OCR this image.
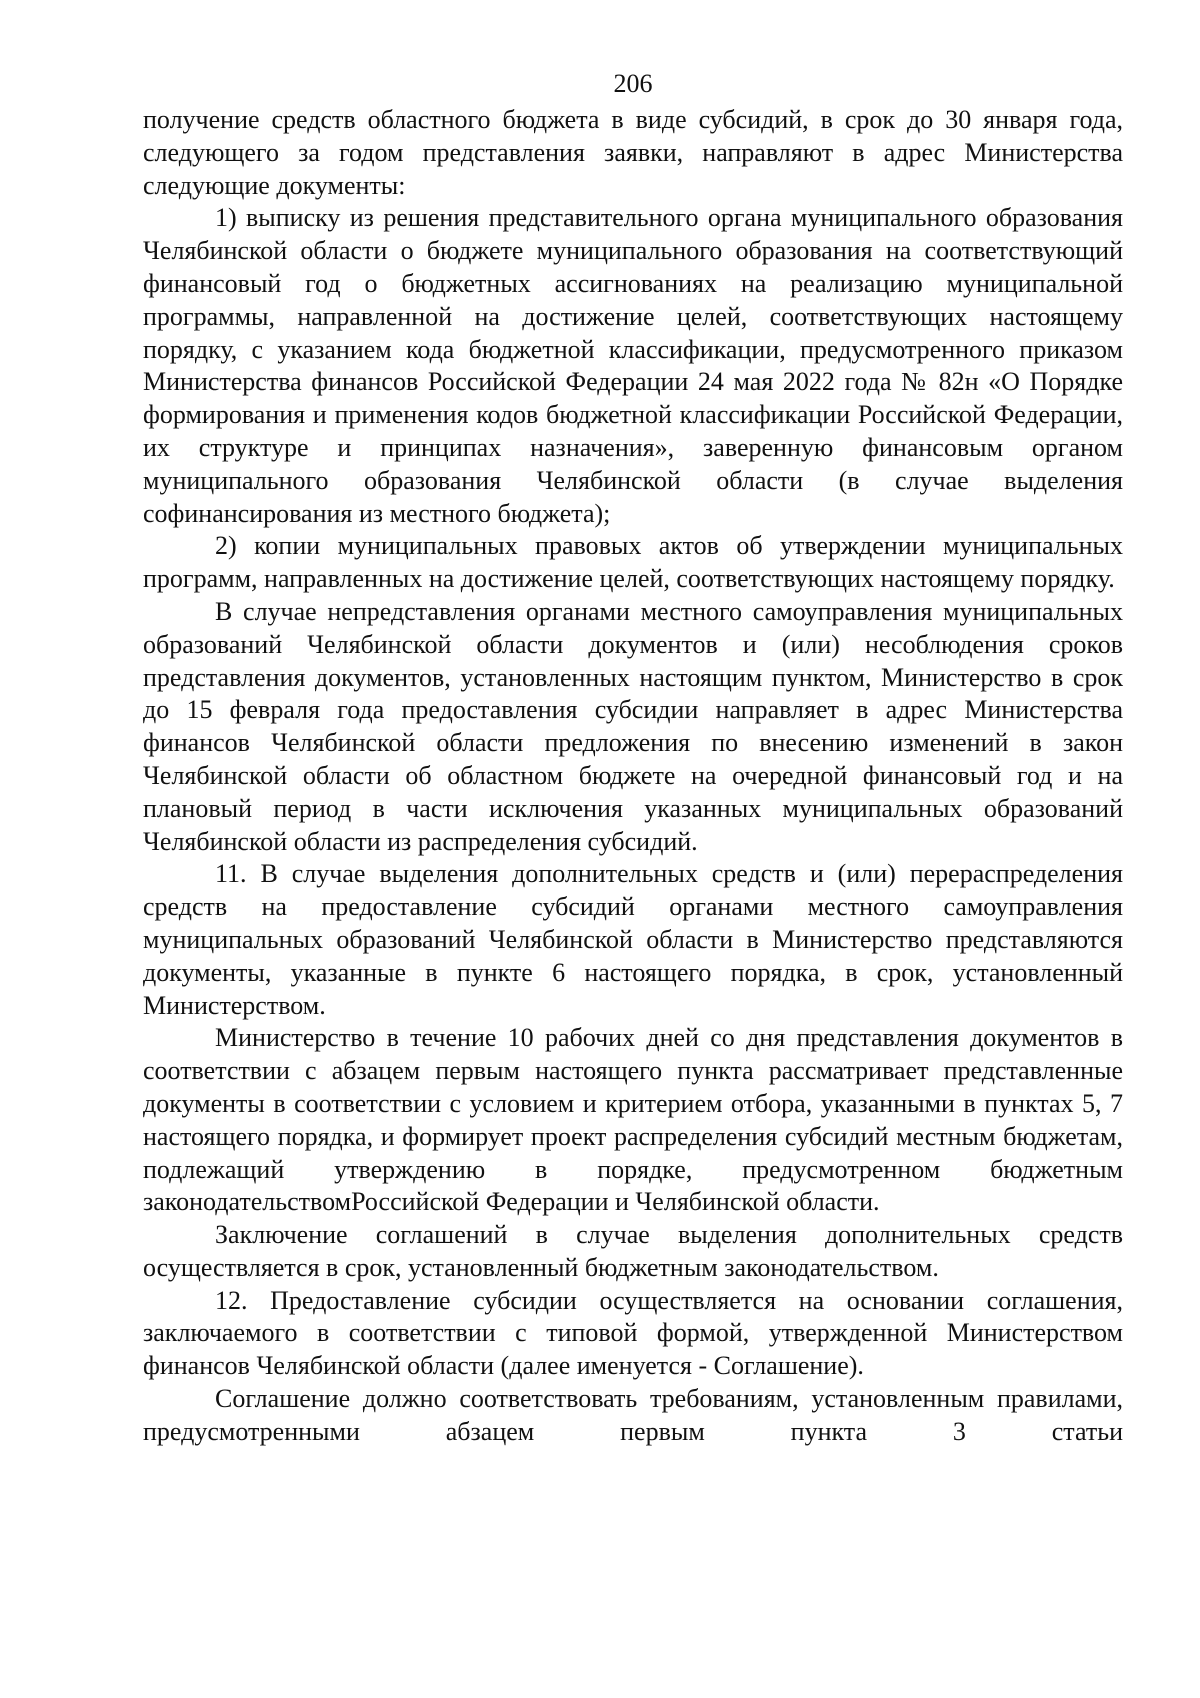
206

получение средств областного бюджета в виде субсидий, в срок до 30 января года, следующего за годом представления заявки, направляют в адрес Министерства следующие документы:

1) выписку из решения представительного органа муниципального образования Челябинской области о бюджете муниципального образования на соответствующий финансовый год о бюджетных ассигнованиях на реализацию муниципальной программы, направленной на достижение целей, соответствующих настоящему порядку, с указанием кода бюджетной классификации, предусмотренного приказом Министерства финансов Российской Федерации 24 мая 2022 года № 82н «О Порядке формирования и применения кодов бюджетной классификации Российской Федерации, их структуре и принципах назначения», заверенную финансовым органом муниципального образования Челябинской области (в случае выделения софинансирования из местного бюджета);

2) копии муниципальных правовых актов об утверждении муниципальных программ, направленных на достижение целей, соответствующих настоящему порядку.

В случае непредставления органами местного самоуправления муниципальных образований Челябинской области документов и (или) несоблюдения сроков представления документов, установленных настоящим пунктом, Министерство в срок до 15 февраля года предоставления субсидии направляет в адрес Министерства финансов Челябинской области предложения по внесению изменений в закон Челябинской области об областном бюджете на очередной финансовый год и на плановый период в части исключения указанных муниципальных образований Челябинской области из распределения субсидий.

11. В случае выделения дополнительных средств и (или) перераспределения средств на предоставление субсидий органами местного самоуправления муниципальных образований Челябинской области в Министерство представляются документы, указанные в пункте 6 настоящего порядка, в срок, установленный Министерством.

Министерство в течение 10 рабочих дней со дня представления документов в соответствии с абзацем первым настоящего пункта рассматривает представленные документы в соответствии с условием и критерием отбора, указанными в пунктах 5, 7 настоящего порядка, и формирует проект распределения субсидий местным бюджетам, подлежащий утверждению в порядке, предусмотренном бюджетным законодательствомРоссийской Федерации и Челябинской области.

Заключение соглашений в случае выделения дополнительных средств осуществляется в срок, установленный бюджетным законодательством.

12. Предоставление субсидии осуществляется на основании соглашения, заключаемого в соответствии с типовой формой, утвержденной Министерством финансов Челябинской области (далее именуется - Соглашение).

Соглашение должно соответствовать требованиям, установленным правилами, предусмотренными абзацем первым пункта 3 статьи
